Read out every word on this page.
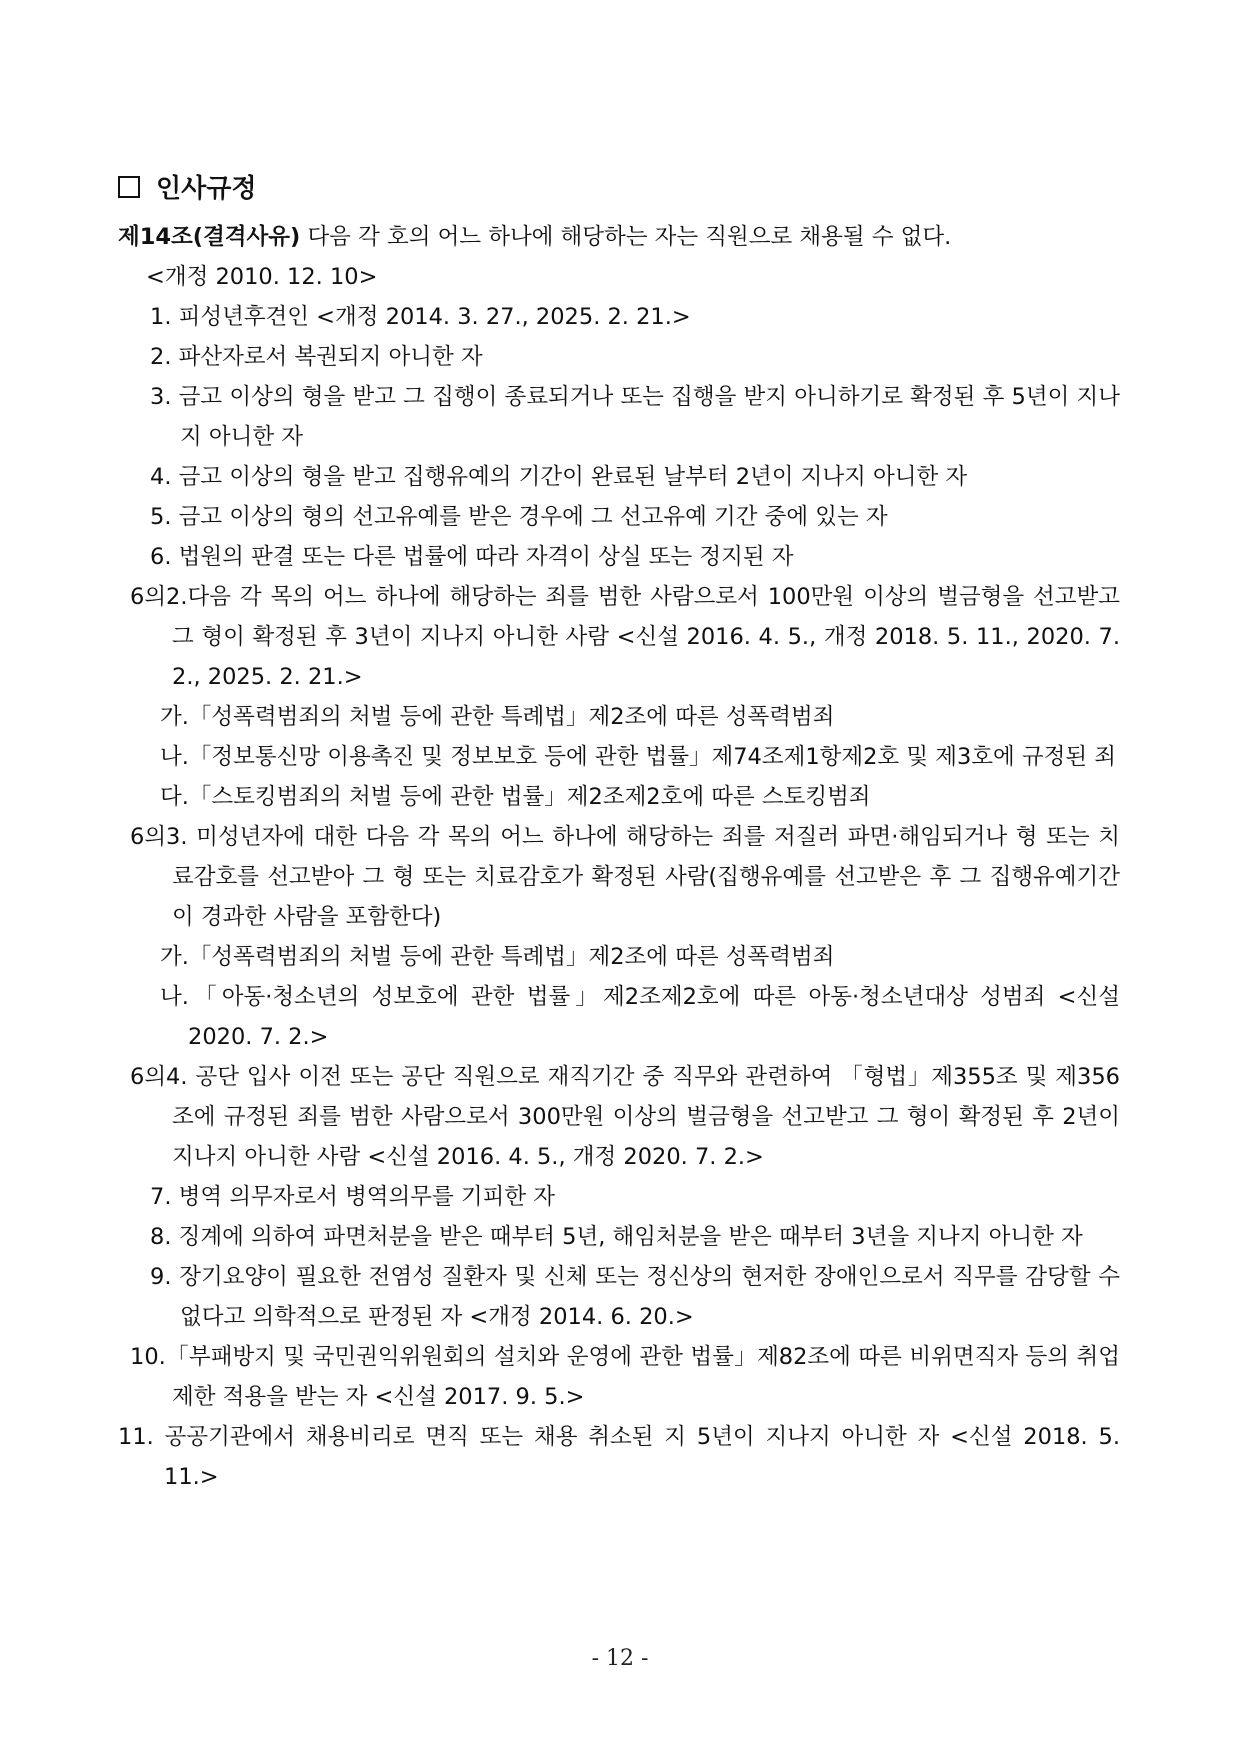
인사규정
제14조(결격사유) 다음 각 호의 어느 하나에 해당하는 자는 직원으로 채용될 수 없다.
<개정 2010. 12. 10>
1. 피성년후견인 <개정 2014. 3. 27., 2025. 2. 21.>
2. 파산자로서 복권되지 아니한 자
3. 금고 이상의 형을 받고 그 집행이 종료되거나 또는 집행을 받지 아니하기로 확정된 후 5년이 지나지 아니한 자
4. 금고 이상의 형을 받고 집행유예의 기간이 완료된 날부터 2년이 지나지 아니한 자
5. 금고 이상의 형의 선고유예를 받은 경우에 그 선고유예 기간 중에 있는 자
6. 법원의 판결 또는 다른 법률에 따라 자격이 상실 또는 정지된 자
6의2.다음 각 목의 어느 하나에 해당하는 죄를 범한 사람으로서 100만원 이상의 벌금형을 선고받고 그 형이 확정된 후 3년이 지나지 아니한 사람 <신설 2016. 4. 5., 개정 2018. 5. 11., 2020. 7. 2., 2025. 2. 21.>
가.「성폭력범죄의 처벌 등에 관한 특례법」제2조에 따른 성폭력범죄
나.「정보통신망 이용촉진 및 정보보호 등에 관한 법률」제74조제1항제2호 및 제3호에 규정된 죄
다.「스토킹범죄의 처벌 등에 관한 법률」제2조제2호에 따른 스토킹범죄
6의3. 미성년자에 대한 다음 각 목의 어느 하나에 해당하는 죄를 저질러 파면·해임되거나 형 또는 치료감호를 선고받아 그 형 또는 치료감호가 확정된 사람(집행유예를 선고받은 후 그 집행유예기간이 경과한 사람을 포함한다)
가.「성폭력범죄의 처벌 등에 관한 특례법」제2조에 따른 성폭력범죄
나.「아동·청소년의 성보호에 관한 법률」제2조제2호에 따른 아동·청소년대상 성범죄 <신설 2020. 7. 2.>
6의4. 공단 입사 이전 또는 공단 직원으로 재직기간 중 직무와 관련하여 「형법」제355조 및 제356조에 규정된 죄를 범한 사람으로서 300만원 이상의 벌금형을 선고받고 그 형이 확정된 후 2년이 지나지 아니한 사람 <신설 2016. 4. 5., 개정 2020. 7. 2.>
7. 병역 의무자로서 병역의무를 기피한 자
8. 징계에 의하여 파면처분을 받은 때부터 5년, 해임처분을 받은 때부터 3년을 지나지 아니한 자
9. 장기요양이 필요한 전염성 질환자 및 신체 또는 정신상의 현저한 장애인으로서 직무를 감당할 수 없다고 의학적으로 판정된 자 <개정 2014. 6. 20.>
10.「부패방지 및 국민권익위원회의 설치와 운영에 관한 법률」제82조에 따른 비위면직자 등의 취업제한 적용을 받는 자 <신설 2017. 9. 5.>
11. 공공기관에서 채용비리로 면직 또는 채용 취소된 지 5년이 지나지 아니한 자 <신설 2018. 5. 11.>
- 12 -
